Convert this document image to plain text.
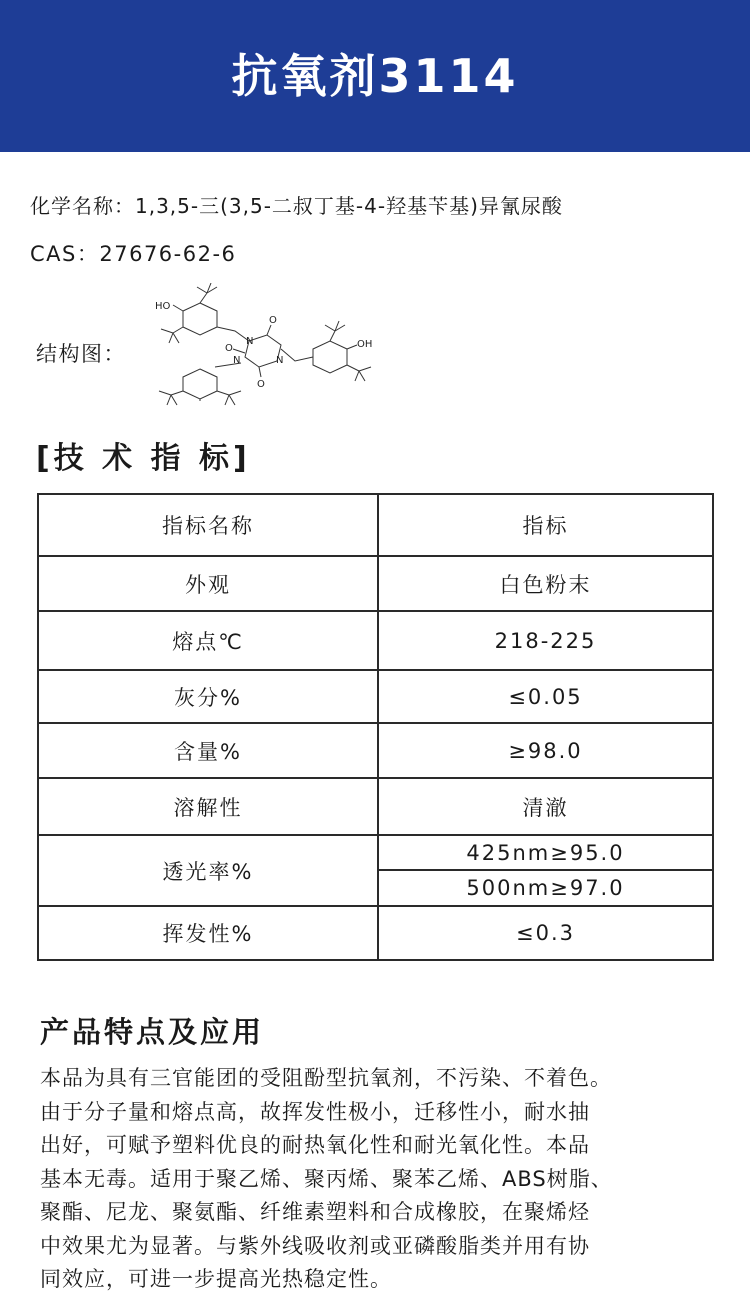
抗氧剂3114
化学名称：1,3,5-三(3,5-二叔丁基-4-羟基苄基)异氰尿酸
CAS：27676-62-6
结构图：
HO
N
N
N
O
O
O
OH
[技 术 指 标]
指标名称	指标
外观	白色粉末
熔点℃	218-225
灰分%	≤0.05
含量%	≥98.0
溶解性	清澈
透光率%	425nm≥95.0
	500nm≥97.0
挥发性%	≤0.3
产品特点及应用
本品为具有三官能团的受阻酚型抗氧剂，不污染、不着色。
由于分子量和熔点高，故挥发性极小，迁移性小，耐水抽
出好，可赋予塑料优良的耐热氧化性和耐光氧化性。本品
基本无毒。适用于聚乙烯、聚丙烯、聚苯乙烯、ABS树脂、
聚酯、尼龙、聚氨酯、纤维素塑料和合成橡胶，在聚烯烃
中效果尤为显著。与紫外线吸收剂或亚磷酸脂类并用有协
同效应，可进一步提高光热稳定性。
